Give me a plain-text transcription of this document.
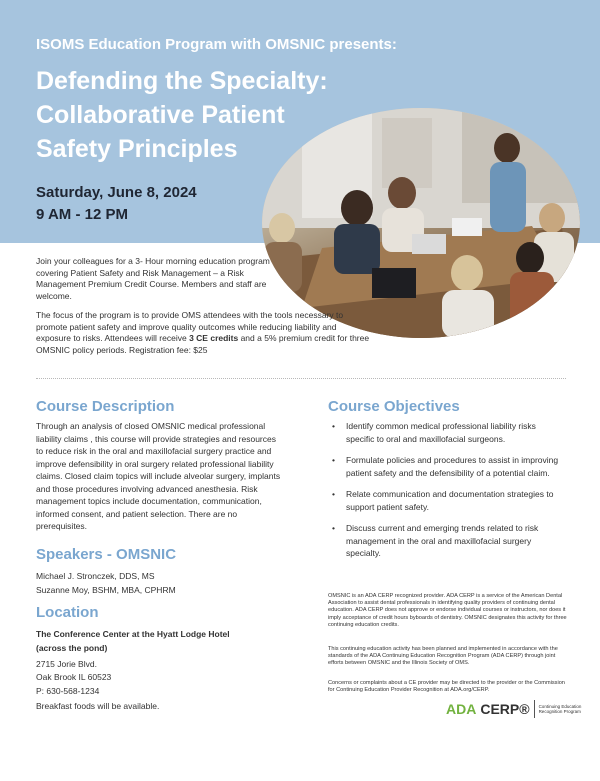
ISOMS Education Program with OMSNIC presents:
Defending the Specialty: Collaborative Patient Safety Principles
Saturday, June 8, 2024
9 AM - 12 PM

Join your colleagues for a 3- Hour morning education program covering Patient Safety and Risk Management – a Risk Management Premium Credit Course. Members and staff are welcome.

The focus of the program is to provide OMS attendees with the tools necessary to promote patient safety and improve quality outcomes while reducing liability and exposure to risks. Attendees will receive 3 CE credits and a 5% premium credit for three OMSNIC policy periods. Registration fee: $25

Course Description

Through an analysis of closed OMSNIC medical professional liability claims , this course will provide strategies and resources to reduce risk in the oral and maxillofacial surgery practice and improve defensibility in oral surgery related professional liability claims. Closed claim topics will include alveolar surgery, implants and those procedures involving advanced anesthesia. Risk management topics include documentation, communication, informed consent, and patient selection. There are no prerequisites.

Speakers - OMSNIC
Michael J. Stronczek, DDS, MS
Suzanne Moy, BSHM, MBA, CPHRM
Location
The Conference Center at the Hyatt Lodge Hotel
(across the pond)
2715 Jorie Blvd.
Oak Brook IL 60523
P: 630-568-1234
Breakfast foods will be available.
Course Objectives
• Identify common medical professional liability risks specific to oral and maxillofacial surgeons.
• Formulate policies and procedures to assist in improving patient safety and the defensibility of a potential claim.
• Relate communication and documentation strategies to support patient safety.
• Discuss current and emerging trends related to risk management in the oral and maxillofacial surgery specialty.

OMSNIC is an ADA CERP recognized provider. ADA CERP is a service of the American Dental Association to assist dental professionals in identifying quality providers of continuing dental education. ADA CERP does not approve or endorse individual courses or instructors, nor does it imply acceptance of credit hours byboards of dentistry. OMSNIC designates this activity for three continuing education credits.

This continuing education activity has been planned and implemented in accordance with the standards of the ADA Continuing Education Recognition Program (ADA CERP) through joint efforts between OMSNIC and the Illinois Society of OMS.

Concerns or complaints about a CE provider may be directed to the provider or the Commission for Continuing Education Provider Recognition at ADA.org/CERP.

ADA CERP® Continuing Education Recognition Program
